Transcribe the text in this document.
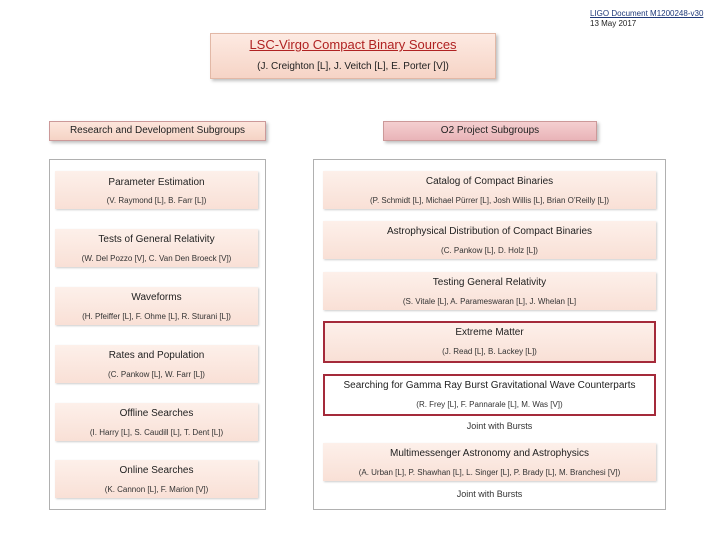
LIGO Document M1200248-v30
13 May 2017
LSC-Virgo Compact Binary Sources
(J. Creighton [L], J. Veitch [L], E. Porter [V])
Research and Development Subgroups	O2 Project Subgroups
Parameter Estimation
(V. Raymond [L], B. Farr [L])
Tests of General Relativity
(W. Del Pozzo [V], C. Van Den Broeck [V])
Waveforms
(H. Pfeiffer [L], F. Ohme [L], R. Sturani [L])
Rates and Population
(C. Pankow [L], W. Farr [L])
Offline Searches
(I. Harry [L], S. Caudill [L], T. Dent [L])
Online Searches
(K. Cannon [L], F. Marion [V])
Catalog of Compact Binaries
(P. Schmidt [L], Michael Pürrer [L], Josh Willis [L], Brian O’Reilly [L])
Astrophysical Distribution of Compact Binaries
(C. Pankow [L], D. Holz [L])
Testing General Relativity
(S. Vitale [L], A. Parameswaran [L], J. Whelan [L]
Extreme Matter
(J. Read [L], B. Lackey [L])
Searching for Gamma Ray Burst Gravitational Wave Counterparts
(R. Frey [L], F. Pannarale [L], M. Was [V])
Joint with Bursts
Multimessenger Astronomy and Astrophysics
(A. Urban [L], P. Shawhan [L], L. Singer [L], P. Brady [L], M. Branchesi [V])
Joint with Bursts
